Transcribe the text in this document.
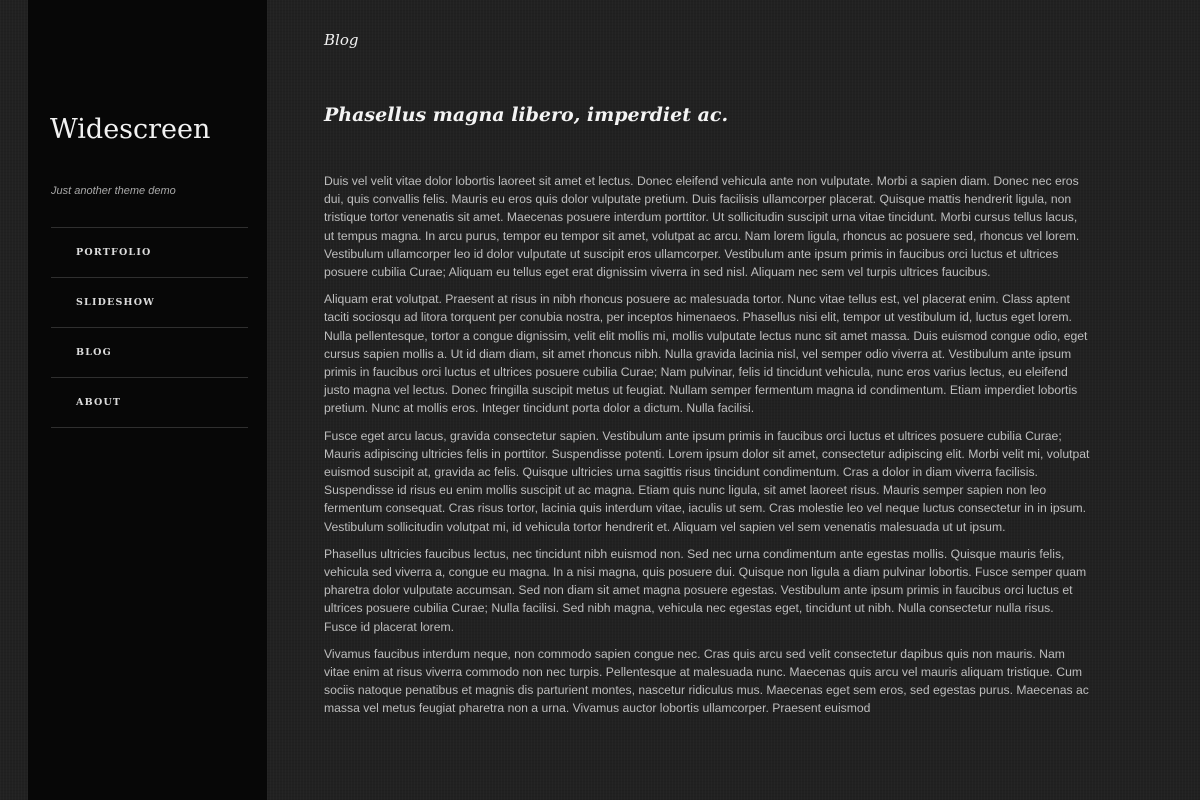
Widescreen

Just another theme demo

PORTFOLIO
SLIDESHOW
BLOG
ABOUT
Blog
Phasellus magna libero, imperdiet ac.

Duis vel velit vitae dolor lobortis laoreet sit amet et lectus. Donec eleifend vehicula ante non vulputate. Morbi a sapien diam. Donec nec eros dui, quis convallis felis. Mauris eu eros quis dolor vulputate pretium. Duis facilisis ullamcorper placerat. Quisque mattis hendrerit ligula, non tristique tortor venenatis sit amet. Maecenas posuere interdum porttitor. Ut sollicitudin suscipit urna vitae tincidunt. Morbi cursus tellus lacus, ut tempus magna. In arcu purus, tempor eu tempor sit amet, volutpat ac arcu. Nam lorem ligula, rhoncus ac posuere sed, rhoncus vel lorem. Vestibulum ullamcorper leo id dolor vulputate ut suscipit eros ullamcorper. Vestibulum ante ipsum primis in faucibus orci luctus et ultrices posuere cubilia Curae; Aliquam eu tellus eget erat dignissim viverra in sed nisl. Aliquam nec sem vel turpis ultrices faucibus.

Aliquam erat volutpat. Praesent at risus in nibh rhoncus posuere ac malesuada tortor. Nunc vitae tellus est, vel placerat enim. Class aptent taciti sociosqu ad litora torquent per conubia nostra, per inceptos himenaeos. Phasellus nisi elit, tempor ut vestibulum id, luctus eget lorem. Nulla pellentesque, tortor a congue dignissim, velit elit mollis mi, mollis vulputate lectus nunc sit amet massa. Duis euismod congue odio, eget cursus sapien mollis a. Ut id diam diam, sit amet rhoncus nibh. Nulla gravida lacinia nisl, vel semper odio viverra at. Vestibulum ante ipsum primis in faucibus orci luctus et ultrices posuere cubilia Curae; Nam pulvinar, felis id tincidunt vehicula, nunc eros varius lectus, eu eleifend justo magna vel lectus. Donec fringilla suscipit metus ut feugiat. Nullam semper fermentum magna id condimentum. Etiam imperdiet lobortis pretium. Nunc at mollis eros. Integer tincidunt porta dolor a dictum. Nulla facilisi.

Fusce eget arcu lacus, gravida consectetur sapien. Vestibulum ante ipsum primis in faucibus orci luctus et ultrices posuere cubilia Curae; Mauris adipiscing ultricies felis in porttitor. Suspendisse potenti. Lorem ipsum dolor sit amet, consectetur adipiscing elit. Morbi velit mi, volutpat euismod suscipit at, gravida ac felis. Quisque ultricies urna sagittis risus tincidunt condimentum. Cras a dolor in diam viverra facilisis. Suspendisse id risus eu enim mollis suscipit ut ac magna. Etiam quis nunc ligula, sit amet laoreet risus. Mauris semper sapien non leo fermentum consequat. Cras risus tortor, lacinia quis interdum vitae, iaculis ut sem. Cras molestie leo vel neque luctus consectetur in in ipsum. Vestibulum sollicitudin volutpat mi, id vehicula tortor hendrerit et. Aliquam vel sapien vel sem venenatis malesuada ut ut ipsum.

Phasellus ultricies faucibus lectus, nec tincidunt nibh euismod non. Sed nec urna condimentum ante egestas mollis. Quisque mauris felis, vehicula sed viverra a, congue eu magna. In a nisi magna, quis posuere dui. Quisque non ligula a diam pulvinar lobortis. Fusce semper quam pharetra dolor vulputate accumsan. Sed non diam sit amet magna posuere egestas. Vestibulum ante ipsum primis in faucibus orci luctus et ultrices posuere cubilia Curae; Nulla facilisi. Sed nibh magna, vehicula nec egestas eget, tincidunt ut nibh. Nulla consectetur nulla risus. Fusce id placerat lorem.

Vivamus faucibus interdum neque, non commodo sapien congue nec. Cras quis arcu sed velit consectetur dapibus quis non mauris. Nam vitae enim at risus viverra commodo non nec turpis. Pellentesque at malesuada nunc. Maecenas quis arcu vel mauris aliquam tristique. Cum sociis natoque penatibus et magnis dis parturient montes, nascetur ridiculus mus. Maecenas eget sem eros, sed egestas purus. Maecenas ac massa vel metus feugiat pharetra non a urna. Vivamus auctor lobortis ullamcorper. Praesent euismod
